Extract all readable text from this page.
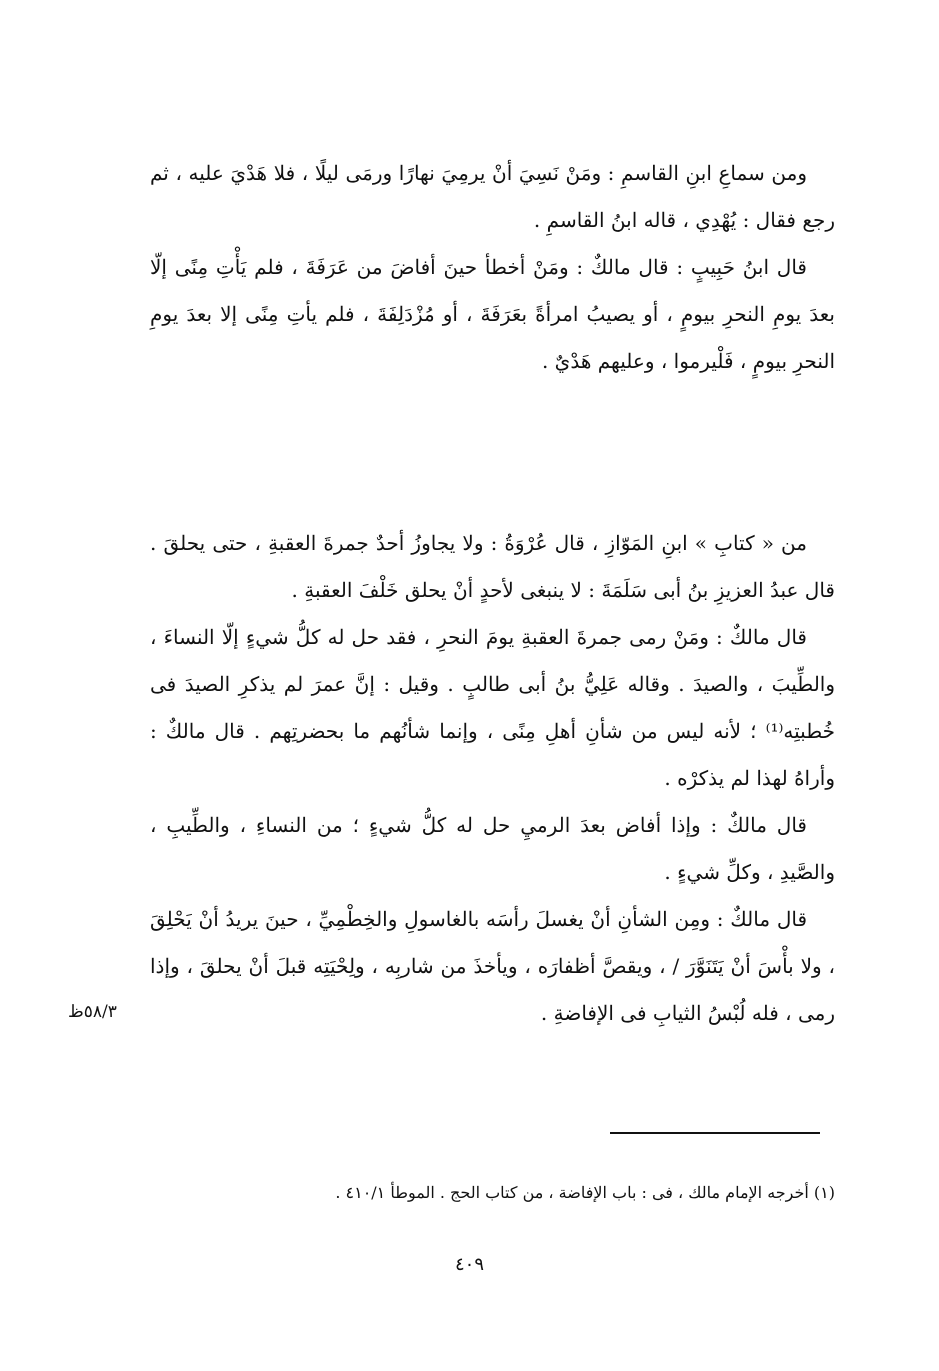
ومن سماعِ ابنِ القاسمِ : ومَنْ نَسِيَ أنْ يرمِيَ نهارًا ورمَى ليلًا ، فلا هَدْيَ عليه ، ثم رجع فقال : يُهْدِي ، قاله ابنُ القاسمِ .

قال ابنُ حَبِيبٍ : قال مالكٌ : ومَنْ أخطأ حينَ أفاضَ من عَرَفَةَ ، فلم يَأْتِ مِنًى إلّا بعدَ يومِ النحرِ بيومٍ ، أو يصيبُ امرأةً بعَرَفَةَ ، أو مُزْدَلِفَةَ ، فلم يأتِ مِنًى إلا بعدَ يومِ النحرِ بيومٍ ، فَلْيرموا ، وعليهم هَدْيٌ .

من « كتابِ » ابنِ المَوّازِ ، قال عُرْوَةُ : ولا يجاوزُ أحدٌ جمرةَ العقبةِ ، حتى يحلقَ . قال عبدُ العزيزِ بنُ أبى سَلَمَةَ : لا ينبغى لأحدٍ أنْ يحلق خَلْفَ العقبةِ .

قال مالكٌ : ومَنْ رمى جمرةَ العقبةِ يومَ النحرِ ، فقد حل له كلُّ شيءٍ إلّا النساءَ ، والطِّيبَ ، والصيدَ . وقاله عَلِيُّ بنُ أبى طالبٍ . وقيل : إنَّ عمرَ لم يذكرِ الصيدَ فى خُطبتِه⁽¹⁾ ؛ لأنه ليس من شأنِ أهلِ مِنًى ، وإنما شأنُهم ما بحضرتِهم . قال مالكٌ : وأراهُ لهذا لم يذكرْه .

قال مالكٌ : وإذا أفاض بعدَ الرميِ حل له كلُّ شيءٍ ؛ من النساءِ ، والطِّيبِ ، والصَّيدِ ، وكلِّ شيءٍ .

قال مالكٌ : ومِن الشأنِ أنْ يغسلَ رأسَه بالغاسولِ والخِطْمِيِّ ، حينَ يريدُ أنْ يَحْلِقَ ، ولا بأْسَ أنْ يَتَنَوَّرَ / ، ويقصَّ أظفارَه ، ويأخذَ من شاربِه ، ولِحْيَتِه قبلَ أنْ يحلقَ ، وإذا رمى ، فله لُبْسُ الثيابِ فى الإفاضةِ .

٥٨/٣ظ
(١) أخرجه الإمام مالك ، فى : باب الإفاضة ، من كتاب الحج . الموطأ ٤١٠/١ .
٤٠٩
